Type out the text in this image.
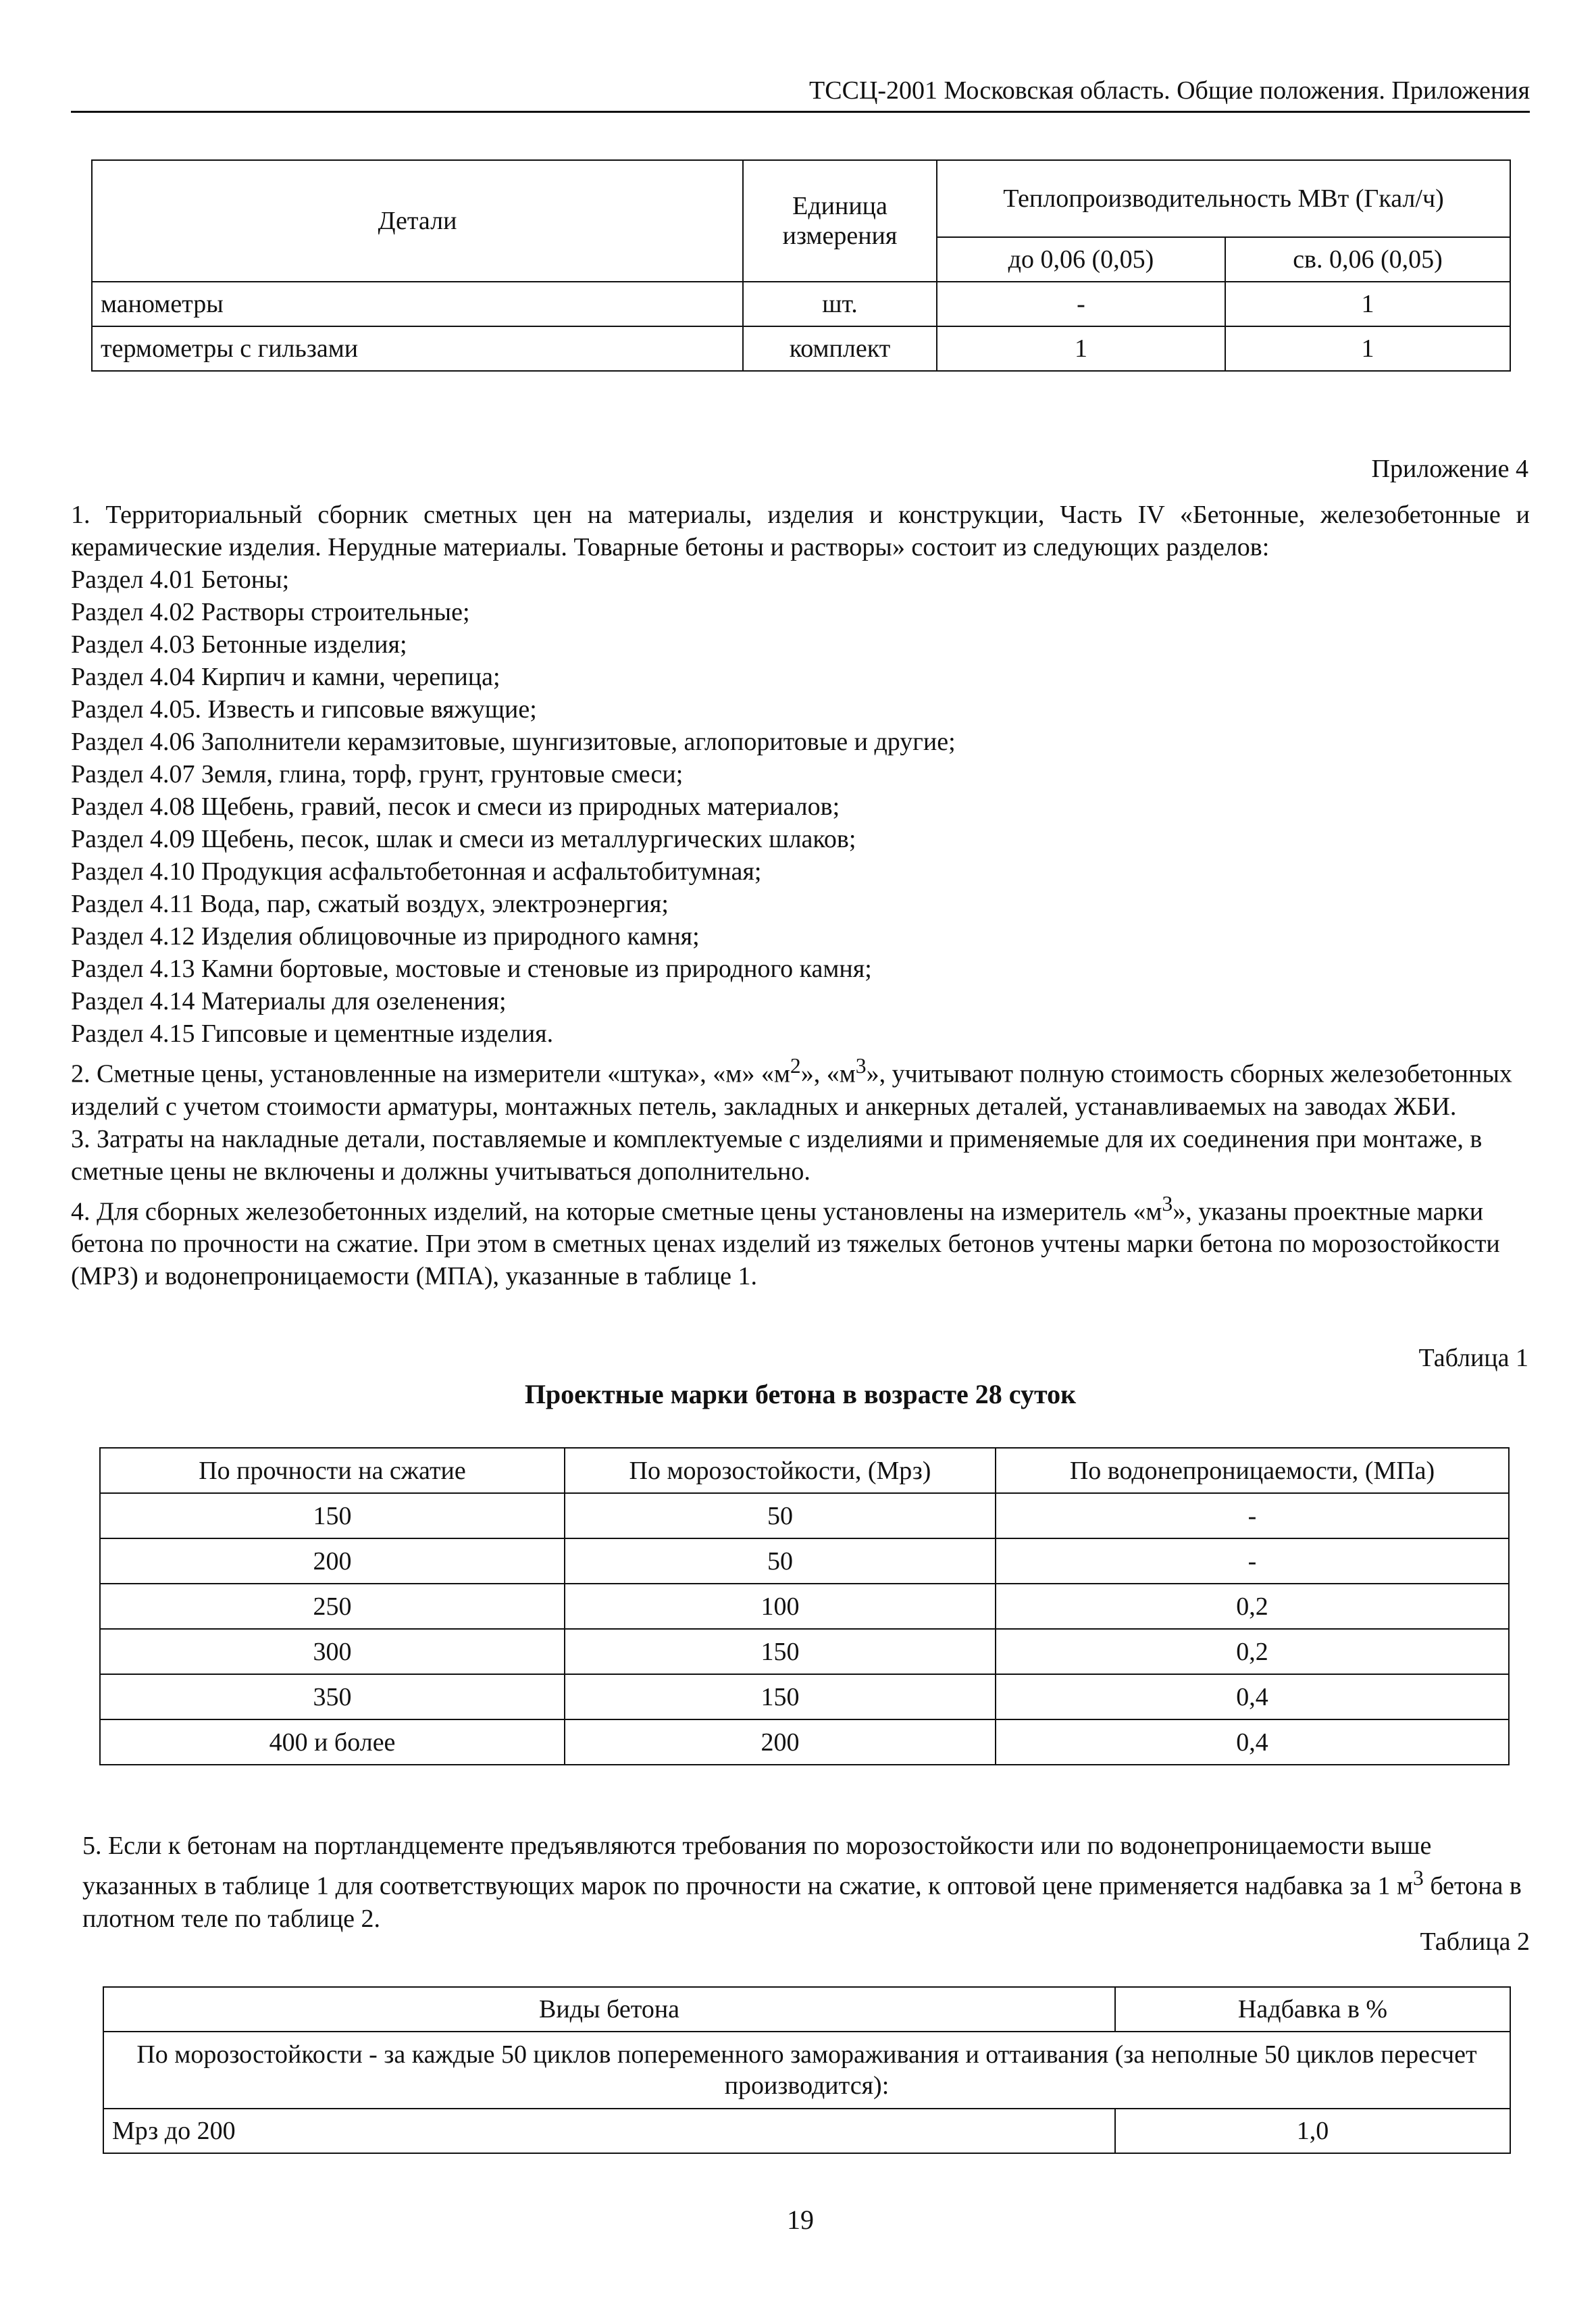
ТССЦ-2001 Московская область. Общие положения. Приложения
Детали	Единица измерения	Теплопроизводительность МВт (Гкал/ч)	
		до 0,06 (0,05)	св. 0,06 (0,05)
манометры	шт.	-	1
термометры с гильзами	комплект	1	1
Приложение 4

1. Территориальный сборник сметных цен на материалы, изделия и конструкции, Часть IV «Бетонные, железобетонные и керамические изделия. Нерудные материалы. Товарные бетоны и растворы» состоит из следующих разделов:

Раздел 4.01 Бетоны;

Раздел 4.02 Растворы строительные;

Раздел 4.03 Бетонные изделия;

Раздел 4.04 Кирпич и камни, черепица;

Раздел 4.05. Известь и гипсовые вяжущие;

Раздел 4.06 Заполнители керамзитовые, шунгизитовые, аглопоритовые и другие;

Раздел 4.07 Земля, глина, торф, грунт, грунтовые смеси;

Раздел 4.08 Щебень, гравий, песок и смеси из природных материалов;

Раздел 4.09 Щебень, песок, шлак и смеси из металлургических шлаков;

Раздел 4.10 Продукция асфальтобетонная и асфальтобитумная;

Раздел 4.11 Вода, пар, сжатый воздух, электроэнергия;

Раздел 4.12 Изделия облицовочные из природного камня;

Раздел 4.13 Камни бортовые, мостовые и стеновые из природного камня;

Раздел 4.14 Материалы для озеленения;

Раздел 4.15 Гипсовые и цементные изделия.

2. Сметные цены, установленные на измерители «штука», «м» «$м^2$», «$м^3$», учитывают полную стоимость сборных железобетонных изделий с учетом стоимости арматуры, монтажных петель, закладных и анкерных деталей, устанавливаемых на заводах ЖБИ.

3. Затраты на накладные детали, поставляемые и комплектуемые с изделиями и применяемые для их соединения при монтаже, в сметные цены не включены и должны учитываться дополнительно.

4. Для сборных железобетонных изделий, на которые сметные цены установлены на измеритель «$м^3$», указаны проектные марки бетона по прочности на сжатие. При этом в сметных ценах изделий из тяжелых бетонов учтены марки бетона по морозостойкости (МРЗ) и водонепроницаемости (МПА), указанные в таблице 1.

Таблица 1
Проектные марки бетона в возрасте 28 суток
По прочности на сжатие	По морозостойкости, (Мрз)	По водонепроницаемости, (МПа)
150	50	-
200	50	-
250	100	0,2
300	150	0,2
350	150	0,4
400 и более	200	0,4
5. Если к бетонам на портландцементе предъявляются требования по морозостойкости или по водонепроницаемости выше указанных в таблице 1 для соответствующих марок по прочности на сжатие, к оптовой цене применяется надбавка за 1 $м^3$ бетона в плотном теле по таблице 2.
Таблица 2
Виды бетона	Надбавка в %
По морозостойкости - за каждые 50 циклов попеременного замораживания и оттаивания (за неполные 50 циклов пересчет производится):	
Мрз до 200	1,0
19
